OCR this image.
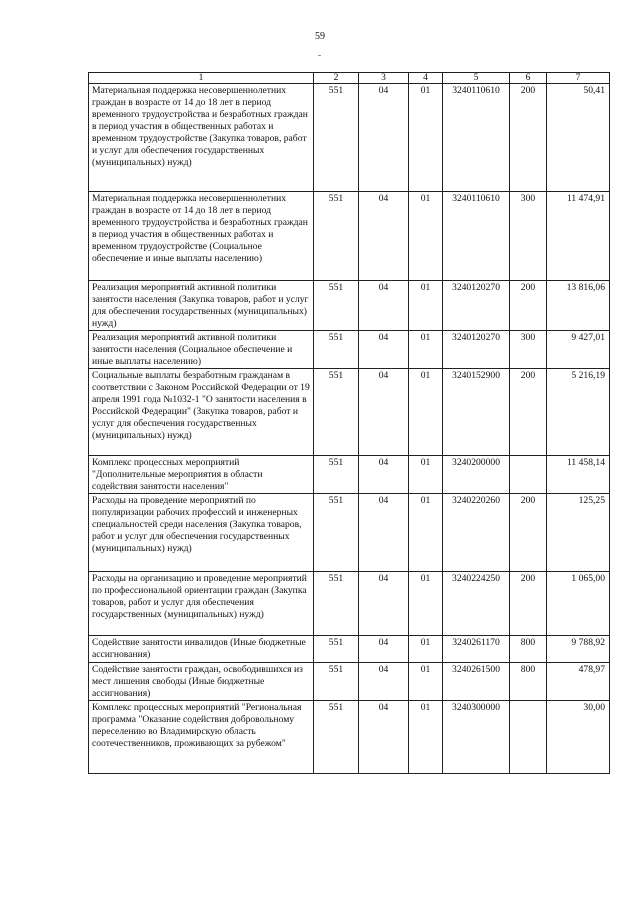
59
1	2	3	4	5	6	7
Материальная поддержка несовершеннолетних граждан в возрасте от 14 до 18 лет в период временного трудоустройства и безработных граждан в период участия в общественных работах и временном трудоустройстве (Закупка товаров, работ и услуг для обеспечения государственных (муниципальных) нужд)	551	04	01	3240110610	200	50,41
Материальная поддержка несовершеннолетних граждан в возрасте от 14 до 18 лет в период временного трудоустройства и безработных граждан в период участия в общественных работах и временном трудоустройстве (Социальное обеспечение и иные выплаты населению)	551	04	01	3240110610	300	11 474,91
Реализация мероприятий активной политики занятости населения (Закупка товаров, работ и услуг для обеспечения государственных (муниципальных) нужд)	551	04	01	3240120270	200	13 816,06
Реализация мероприятий активной политики занятости населения (Социальное обеспечение и иные выплаты населению)	551	04	01	3240120270	300	9 427,01
Социальные выплаты безработным гражданам в соответствии с Законом Российской Федерации от 19 апреля 1991 года №1032-1 "О занятости населения в Российской Федерации" (Закупка товаров, работ и услуг для обеспечения государственных (муниципальных) нужд)	551	04	01	3240152900	200	5 216,19
Комплекс процессных мероприятий "Дополнительные мероприятия в области содействия занятости населения"	551	04	01	3240200000		11 458,14
Расходы на проведение мероприятий по популяризации рабочих профессий и инженерных специальностей среди населения (Закупка товаров, работ и услуг для обеспечения государственных (муниципальных) нужд)	551	04	01	3240220260	200	125,25
Расходы на организацию и проведение мероприятий по профессиональной ориентации граждан (Закупка товаров, работ и услуг для обеспечения государственных (муниципальных) нужд)	551	04	01	3240224250	200	1 065,00
Содействие занятости инвалидов (Иные бюджетные ассигнования)	551	04	01	3240261170	800	9 788,92
Содействие занятости граждан, освободившихся из мест лишения свободы (Иные бюджетные ассигнования)	551	04	01	3240261500	800	478,97
Комплекс процессных мероприятий "Региональная программа "Оказание содействия добровольному переселению во Владимирскую область соотечественников, проживающих за рубежом"	551	04	01	3240300000		30,00
